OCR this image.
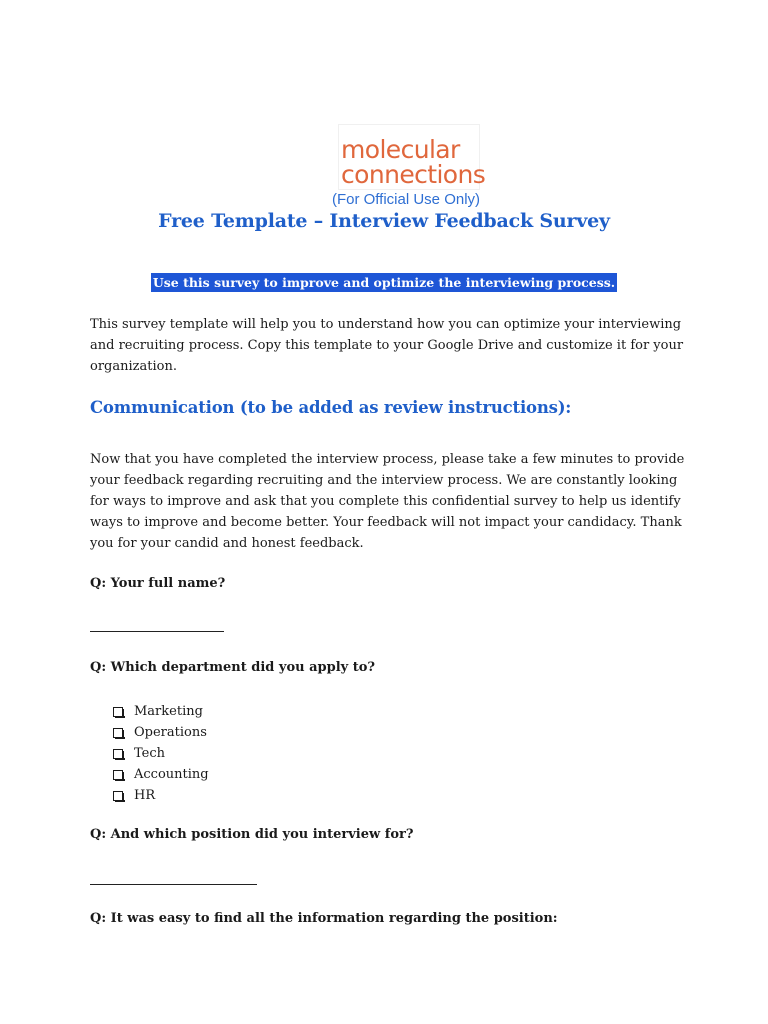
molecular
connections
(For Official Use Only)
Free Template – Interview Feedback Survey
Use this survey to improve and optimize the interviewing process.
This survey template will help you to understand how you can optimize your interviewing and recruiting process. Copy this template to your Google Drive and customize it for your organization.
Communication (to be added as review instructions):
Now that you have completed the interview process, please take a few minutes to provide your feedback regarding recruiting and the interview process. We are constantly looking for ways to improve and ask that you complete this confidential survey to help us identify ways to improve and become better. Your feedback will not impact your candidacy. Thank you for your candid and honest feedback.
Q: Your full name?
Q: Which department did you apply to?
Marketing
Operations
Tech
Accounting
HR
Q: And which position did you interview for?
Q: It was easy to find all the information regarding the position:
